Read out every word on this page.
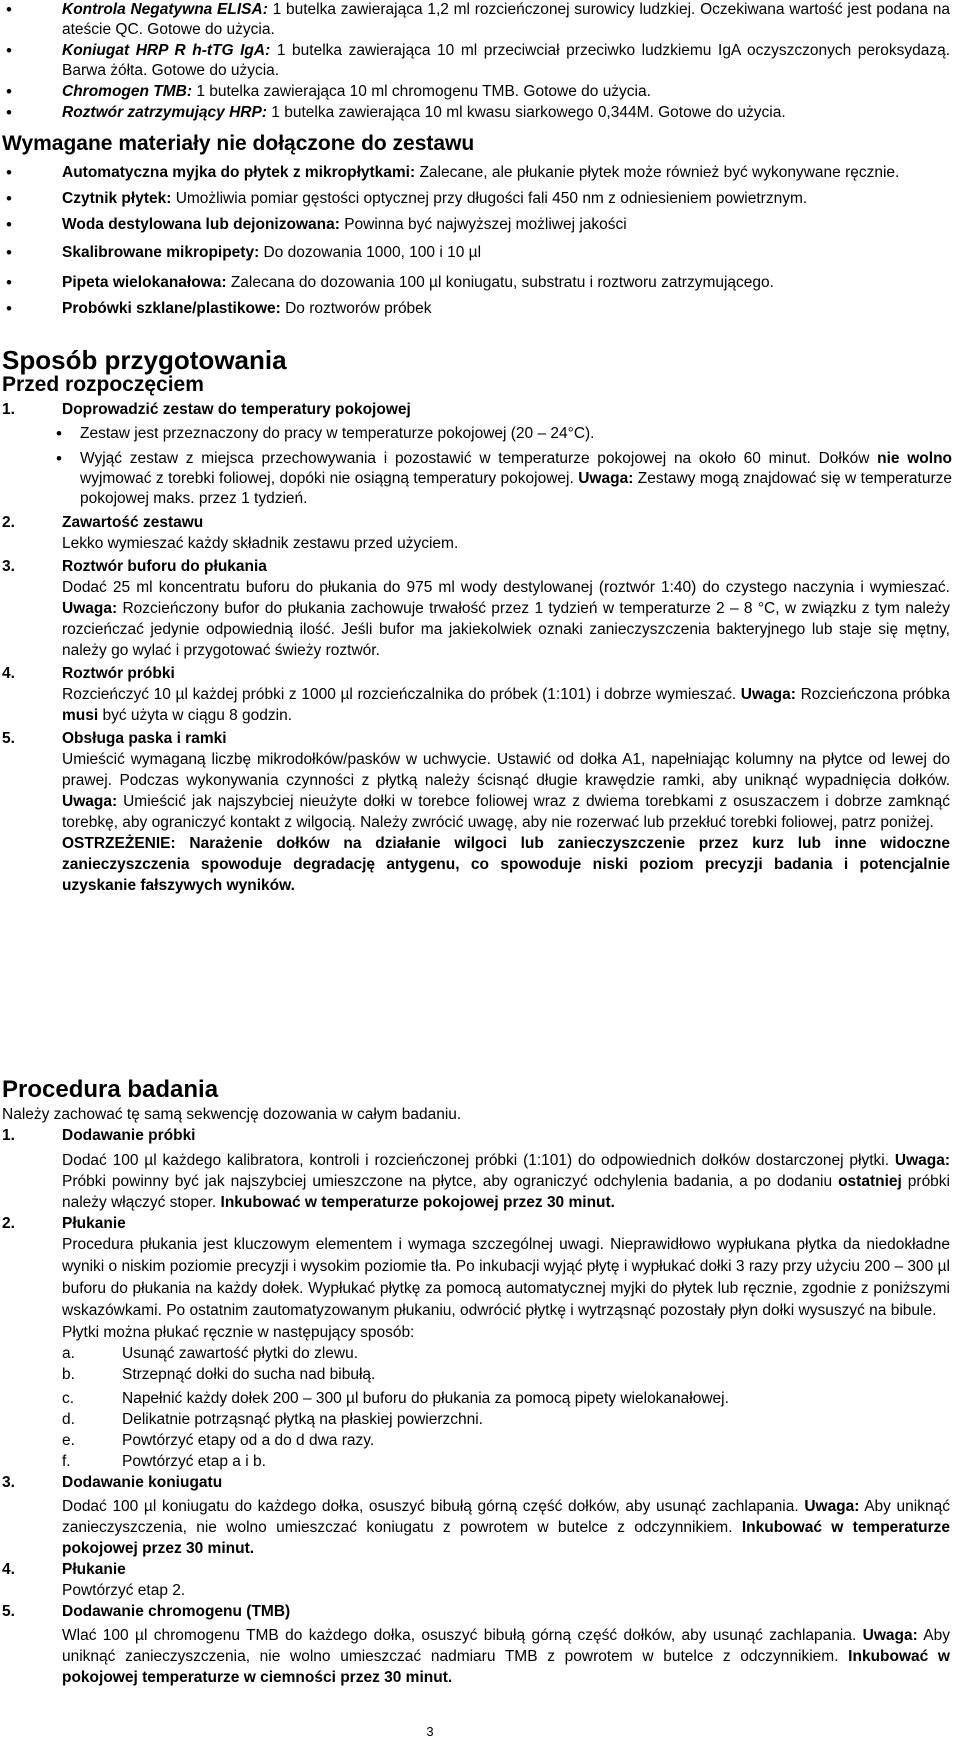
• Kontrola Negatywna ELISA: 1 butelka zawierająca 1,2 ml rozcieńczonej surowicy ludzkiej. Oczekiwana wartość jest podana na ateście QC. Gotowe do użycia.
• Koniugat HRP R h-tTG IgA: 1 butelka zawierająca 10 ml przeciwciał przeciwko ludzkiemu IgA oczyszczonych peroksydazą. Barwa żółta. Gotowe do użycia.
• Chromogen TMB: 1 butelka zawierająca 10 ml chromogenu TMB. Gotowe do użycia.
• Roztwór zatrzymujący HRP: 1 butelka zawierająca 10 ml kwasu siarkowego 0,344M. Gotowe do użycia.
Wymagane materiały nie dołączone do zestawu
• Automatyczna myjka do płytek z mikropłytkami: Zalecane, ale płukanie płytek może również być wykonywane ręcznie.
• Czytnik płytek: Umożliwia pomiar gęstości optycznej przy długości fali 450 nm z odniesieniem powietrznym.
• Woda destylowana lub dejonizowana: Powinna być najwyższej możliwej jakości
• Skalibrowane mikropipety: Do dozowania 1000, 100 i 10 µl
• Pipeta wielokanałowa: Zalecana do dozowania 100 µl koniugatu, substratu i roztworu zatrzymującego.
• Probówki szklane/plastikowe: Do roztworów próbek
Sposób przygotowania
Przed rozpoczęciem
1.	Doprowadzić zestaw do temperatury pokojowej
• Zestaw jest przeznaczony do pracy w temperaturze pokojowej (20 – 24°C).
• Wyjąć zestaw z miejsca przechowywania i pozostawić w temperaturze pokojowej na około 60 minut. Dołków nie wolno wyjmować z torebki foliowej, dopóki nie osiągną temperatury pokojowej. Uwaga: Zestawy mogą znajdować się w temperaturze pokojowej maks. przez 1 tydzień.
2.	Zawartość zestawu
Lekko wymieszać każdy składnik zestawu przed użyciem.
3.	Roztwór buforu do płukania
Dodać 25 ml koncentratu buforu do płukania do 975 ml wody destylowanej (roztwór 1:40) do czystego naczynia i wymieszać. Uwaga: Rozcieńczony bufor do płukania zachowuje trwałość przez 1 tydzień w temperaturze 2 – 8 °C, w związku z tym należy rozcieńczać jedynie odpowiednią ilość. Jeśli bufor ma jakiekolwiek oznaki zanieczyszczenia bakteryjnego lub staje się mętny, należy go wylać i przygotować świeży roztwór.
4.	Roztwór próbki
Rozcieńczyć 10 µl każdej próbki z 1000 µl rozcieńczalnika do próbek (1:101) i dobrze wymieszać. Uwaga: Rozcieńczona próbka musi być użyta w ciągu 8 godzin.
5.	Obsługa paska i ramki
Umieścić wymaganą liczbę mikrodołków/pasków w uchwycie. Ustawić od dołka A1, napełniając kolumny na płytce od lewej do prawej. Podczas wykonywania czynności z płytką należy ścisnąć długie krawędzie ramki, aby uniknąć wypadnięcia dołków. Uwaga: Umieścić jak najszybciej nieużyte dołki w torebce foliowej wraz z dwiema torebkami z osuszaczem i dobrze zamknąć torebkę, aby ograniczyć kontakt z wilgocią. Należy zwrócić uwagę, aby nie rozerwać lub przekłuć torebki foliowej, patrz poniżej.
OSTRZEŻENIE: Narażenie dołków na działanie wilgoci lub zanieczyszczenie przez kurz lub inne widoczne zanieczyszczenia spowoduje degradację antygenu, co spowoduje niski poziom precyzji badania i potencjalnie uzyskanie fałszywych wyników.
Procedura badania
Należy zachować tę samą sekwencję dozowania w całym badaniu.
1.	Dodawanie próbki
Dodać 100 µl każdego kalibratora, kontroli i rozcieńczonej próbki (1:101) do odpowiednich dołków dostarczonej płytki. Uwaga: Próbki powinny być jak najszybciej umieszczone na płytce, aby ograniczyć odchylenia badania, a po dodaniu ostatniej próbki należy włączyć stoper. Inkubować w temperaturze pokojowej przez 30 minut.
2.	Płukanie
Procedura płukania jest kluczowym elementem i wymaga szczególnej uwagi. Nieprawidłowo wypłukana płytka da niedokładne wyniki o niskim poziomie precyzji i wysokim poziomie tła. Po inkubacji wyjąć płytę i wypłukać dołki 3 razy przy użyciu 200 – 300 µl buforu do płukania na każdy dołek. Wypłukać płytkę za pomocą automatycznej myjki do płytek lub ręcznie, zgodnie z poniższymi wskazówkami. Po ostatnim zautomatyzowanym płukaniu, odwrócić płytkę i wytrząsnąć pozostały płyn dołki wysuszyć na bibule.
Płytki można płukać ręcznie w następujący sposób:
a.	Usunąć zawartość płytki do zlewu.
b.	Strzepnąć dołki do sucha nad bibułą.
c.	Napełnić każdy dołek 200 – 300 µl buforu do płukania za pomocą pipety wielokanałowej.
d.	Delikatnie potrząsnąć płytką na płaskiej powierzchni.
e.	Powtórzyć etapy od a do d dwa razy.
f.	Powtórzyć etap a i b.
3.	Dodawanie koniugatu
Dodać 100 µl koniugatu do każdego dołka, osuszyć bibułą górną część dołków, aby usunąć zachlapania. Uwaga: Aby uniknąć zanieczyszczenia, nie wolno umieszczać koniugatu z powrotem w butelce z odczynnikiem. Inkubować w temperaturze pokojowej przez 30 minut.
4.	Płukanie
Powtórzyć etap 2.
5.	Dodawanie chromogenu (TMB)
Wlać 100 µl chromogenu TMB do każdego dołka, osuszyć bibułą górną część dołków, aby usunąć zachlapania. Uwaga: Aby uniknąć zanieczyszczenia, nie wolno umieszczać nadmiaru TMB z powrotem w butelce z odczynnikiem. Inkubować w pokojowej temperaturze w ciemności przez 30 minut.
3
